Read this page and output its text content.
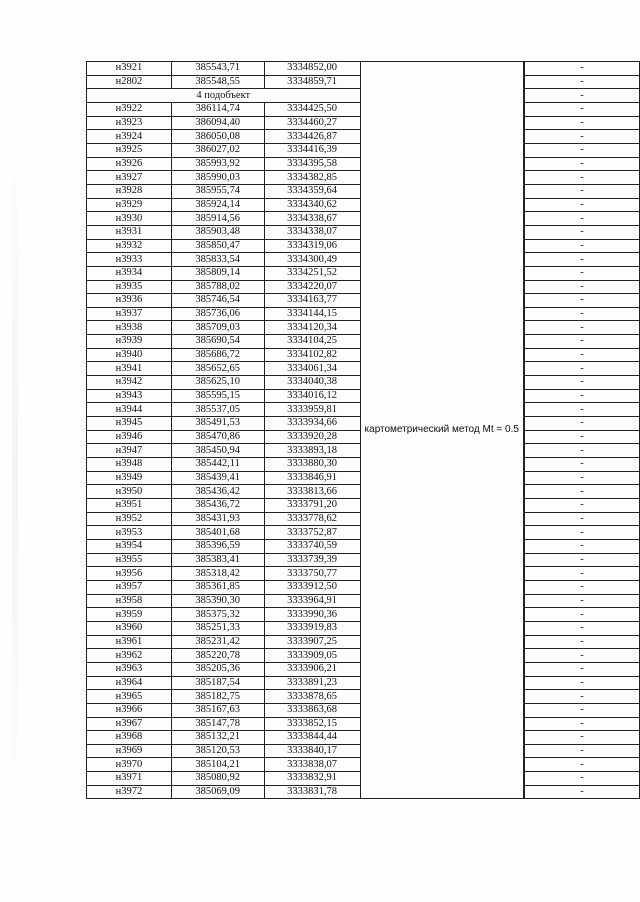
н3921	385543,71	3334852,00	картометрический метод Mt = 0.5		-
н2802	385548,55	3334859,71		-
4 подобъект				-
н3922	386114,74	3334425,50		-
н3923	386094,40	3334460,27		-
н3924	386050,08	3334426,87		-
н3925	386027,02	3334416,39		-
н3926	385993,92	3334395,58		-
н3927	385990,03	3334382,85		-
н3928	385955,74	3334359,64		-
н3929	385924,14	3334340,62		-
н3930	385914,56	3334338,67		-
н3931	385903,48	3334338,07		-
н3932	385850,47	3334319,06		-
н3933	385833,54	3334300,49		-
н3934	385809,14	3334251,52		-
н3935	385788,02	3334220,07		-
н3936	385746,54	3334163,77		-
н3937	385736,06	3334144,15		-
н3938	385709,03	3334120,34		-
н3939	385690,54	3334104,25		-
н3940	385686,72	3334102,82		-
н3941	385652,65	3334061,34		-
н3942	385625,10	3334040,38		-
н3943	385595,15	3334016,12		-
н3944	385537,05	3333959,81		-
н3945	385491,53	3333934,66		-
н3946	385470,86	3333920,28		-
н3947	385450,94	3333893,18		-
н3948	385442,11	3333880,30		-
н3949	385439,41	3333846,91		-
н3950	385436,42	3333813,66		-
н3951	385436,72	3333791,20		-
н3952	385431,93	3333778,62		-
н3953	385401,68	3333752,87		-
н3954	385396,59	3333740,59		-
н3955	385383,41	3333739,39		-
н3956	385318,42	3333750,77		-
н3957	385361,85	3333912,50		-
н3958	385390,30	3333964,91		-
н3959	385375,32	3333990,36		-
н3960	385251,33	3333919,83		-
н3961	385231,42	3333907,25		-
н3962	385220,78	3333909,05		-
н3963	385205,36	3333906,21		-
н3964	385187,54	3333891,23		-
н3965	385182,75	3333878,65		-
н3966	385167,63	3333863,68		-
н3967	385147,78	3333852,15		-
н3968	385132,21	3333844,44		-
н3969	385120,53	3333840,17		-
н3970	385104,21	3333838,07		-
н3971	385080,92	3333832,91		-
н3972	385069,09	3333831,78		-
